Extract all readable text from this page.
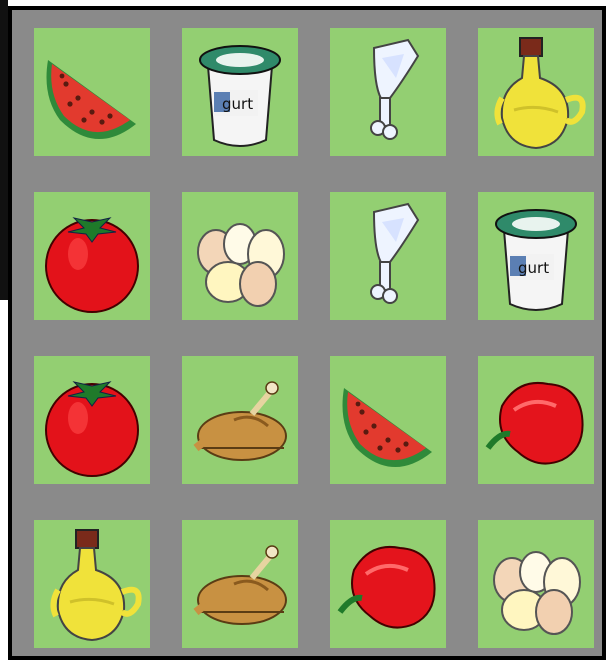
gurt
gurt
